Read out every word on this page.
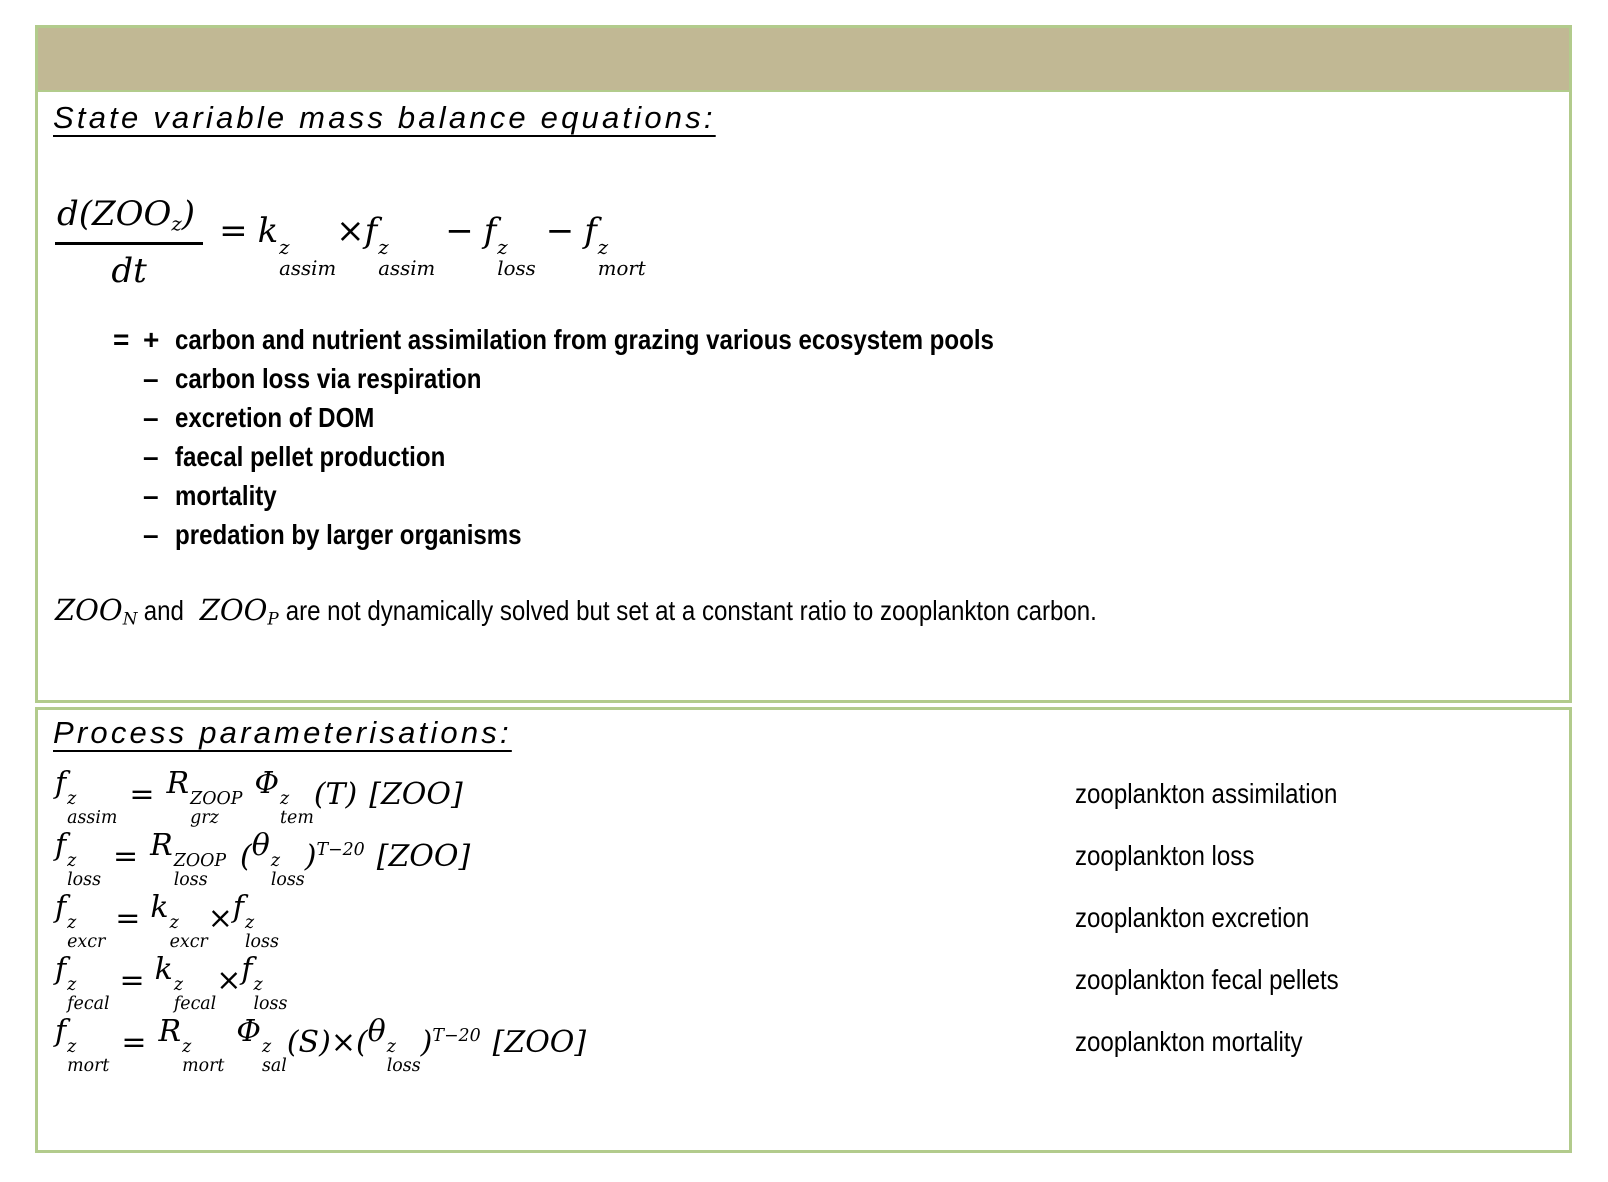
State variable mass balance equations:
$\frac{\text{d(ZOOz)}}{dt} = k$ z
assim
×f z
assim
− f z
loss
− f z
mort
= + carbon and nutrient assimilation from grazing various ecosystem pools
– carbon loss via respiration
– excretion of DOM
– faecal pellet production
– mortality
– predation by larger organisms
ZOON and ZOOP are not dynamically solved but set at a constant ratio to zooplankton carbon.
Process parameterisations:
f z
assim
= R ZOOP
grz
Φ z
tem
(T) [ZOO]	zooplankton assimilation
f z
loss
= R ZOOP
loss
( θ z
loss
)$^{T-20}$ [ZOO]	zooplankton loss
f z
excr
= k z
excr
× f z
loss
zooplankton excretion
f z
fecal
= k z
fecal
× f z
loss
zooplankton fecal pellets
f z
mort
= R z
mort
Φ z
sal
(S) × ( θ z
loss
)$^{T-20}$ [ZOO]	zooplankton mortality
